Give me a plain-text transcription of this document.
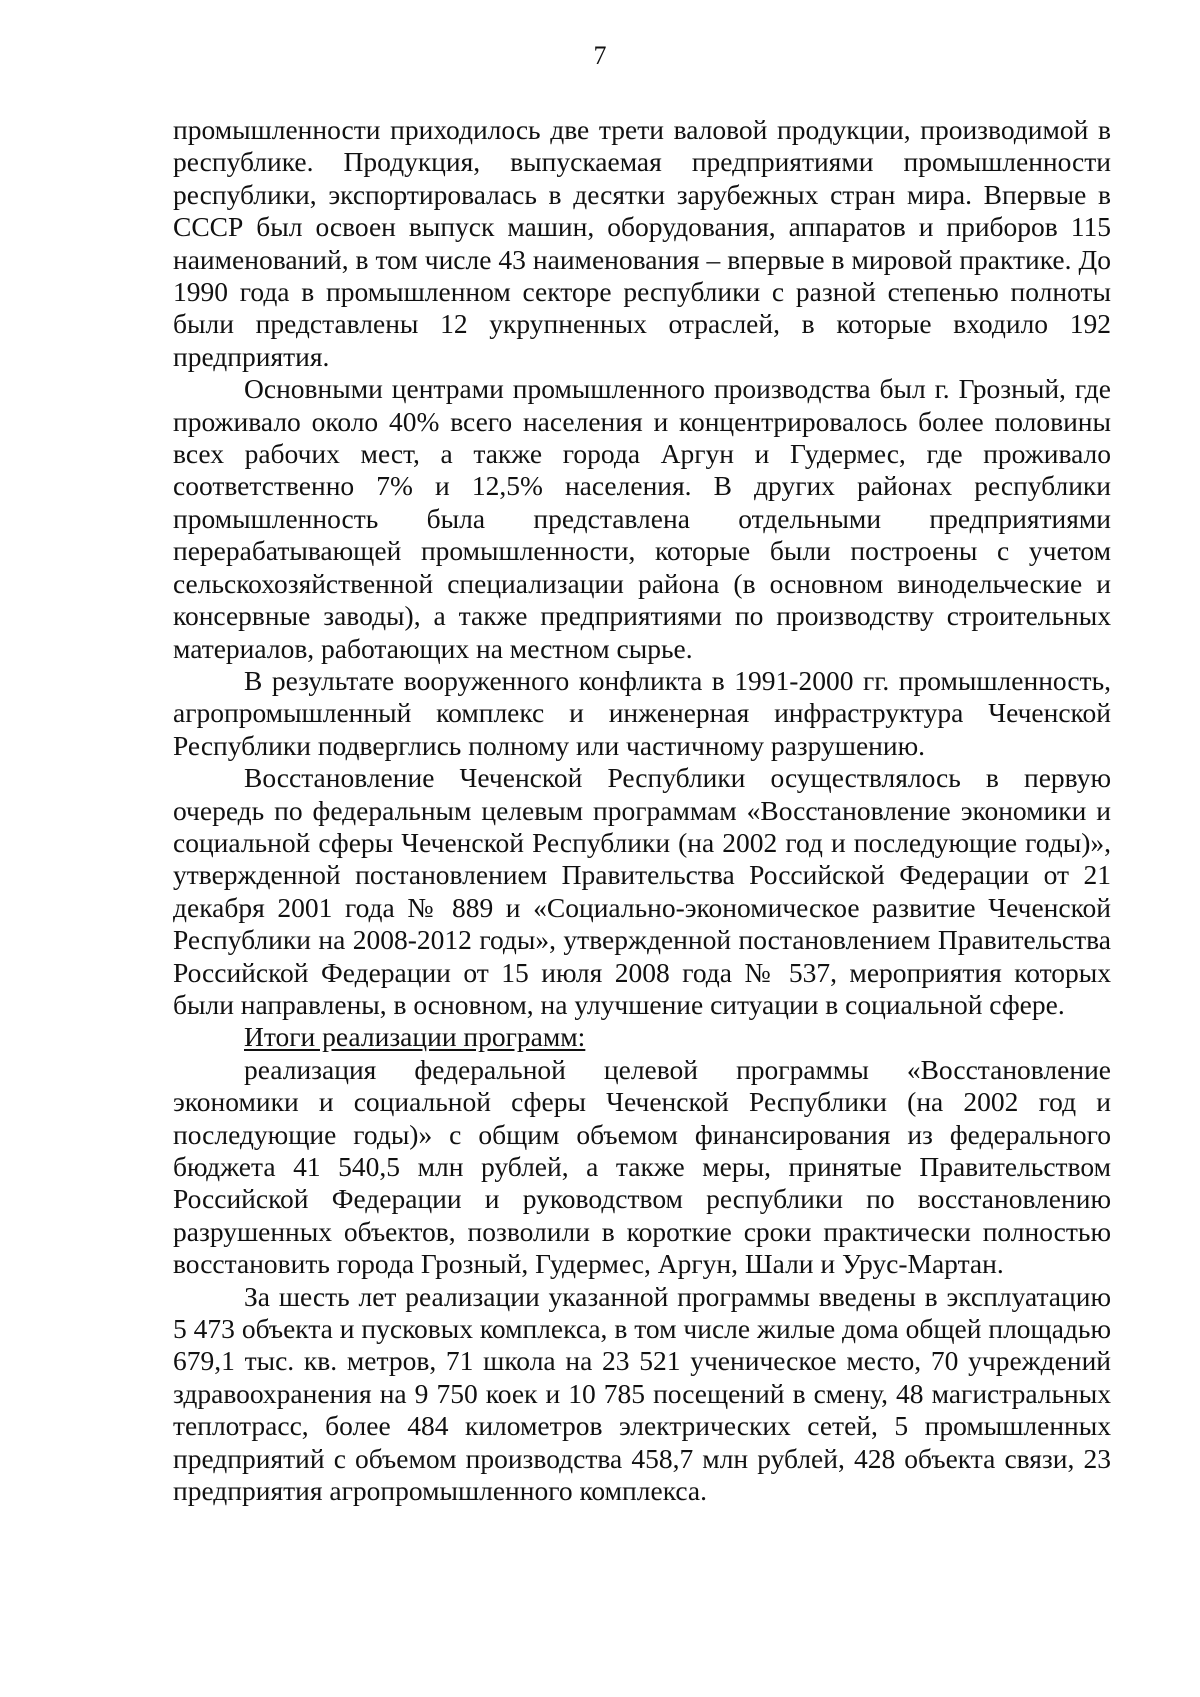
7

промышленности приходилось две трети валовой продукции, производимой в республике. Продукция, выпускаемая предприятиями промышленности республики, экспортировалась в десятки зарубежных стран мира. Впервые в СССР был освоен выпуск машин, оборудования, аппаратов и приборов 115 наименований, в том числе 43 наименования – впервые в мировой практике. До 1990 года в промышленном секторе республики с разной степенью полноты были представлены 12 укрупненных отраслей, в которые входило 192 предприятия.

Основными центрами промышленного производства был г. Грозный, где проживало около 40% всего населения и концентрировалось более половины всех рабочих мест, а также города Аргун и Гудермес, где проживало соответственно 7% и 12,5% населения. В других районах республики промышленность была представлена отдельными предприятиями перерабатывающей промышленности, которые были построены с учетом сельскохозяйственной специализации района (в основном винодельческие и консервные заводы), а также предприятиями по производству строительных материалов, работающих на местном сырье.

В результате вооруженного конфликта в 1991-2000 гг. промышленность, агропромышленный комплекс и инженерная инфраструктура Чеченской Республики подверглись полному или частичному разрушению.

Восстановление Чеченской Республики осуществлялось в первую очередь по федеральным целевым программам «Восстановление экономики и социальной сферы Чеченской Республики (на 2002 год и последующие годы)», утвержденной постановлением Правительства Российской Федерации от 21 декабря 2001 года № 889 и «Социально-экономическое развитие Чеченской Республики на 2008-2012 годы», утвержденной постановлением Правительства Российской Федерации от 15 июля 2008 года № 537, мероприятия которых были направлены, в основном, на улучшение ситуации в социальной сфере.

Итоги реализации программ:

реализация федеральной целевой программы «Восстановление экономики и социальной сферы Чеченской Республики (на 2002 год и последующие годы)» с общим объемом финансирования из федерального бюджета 41 540,5 млн рублей, а также меры, принятые Правительством Российской Федерации и руководством республики по восстановлению разрушенных объектов, позволили в короткие сроки практически полностью восстановить города Грозный, Гудермес, Аргун, Шали и Урус-Мартан.

За шесть лет реализации указанной программы введены в эксплуатацию 5 473 объекта и пусковых комплекса, в том числе жилые дома общей площадью 679,1 тыс. кв. метров, 71 школа на 23 521 ученическое место, 70 учреждений здравоохранения на 9 750 коек и 10 785 посещений в смену, 48 магистральных теплотрасс, более 484 километров электрических сетей, 5 промышленных предприятий с объемом производства 458,7 млн рублей, 428 объекта связи, 23 предприятия агропромышленного комплекса.
